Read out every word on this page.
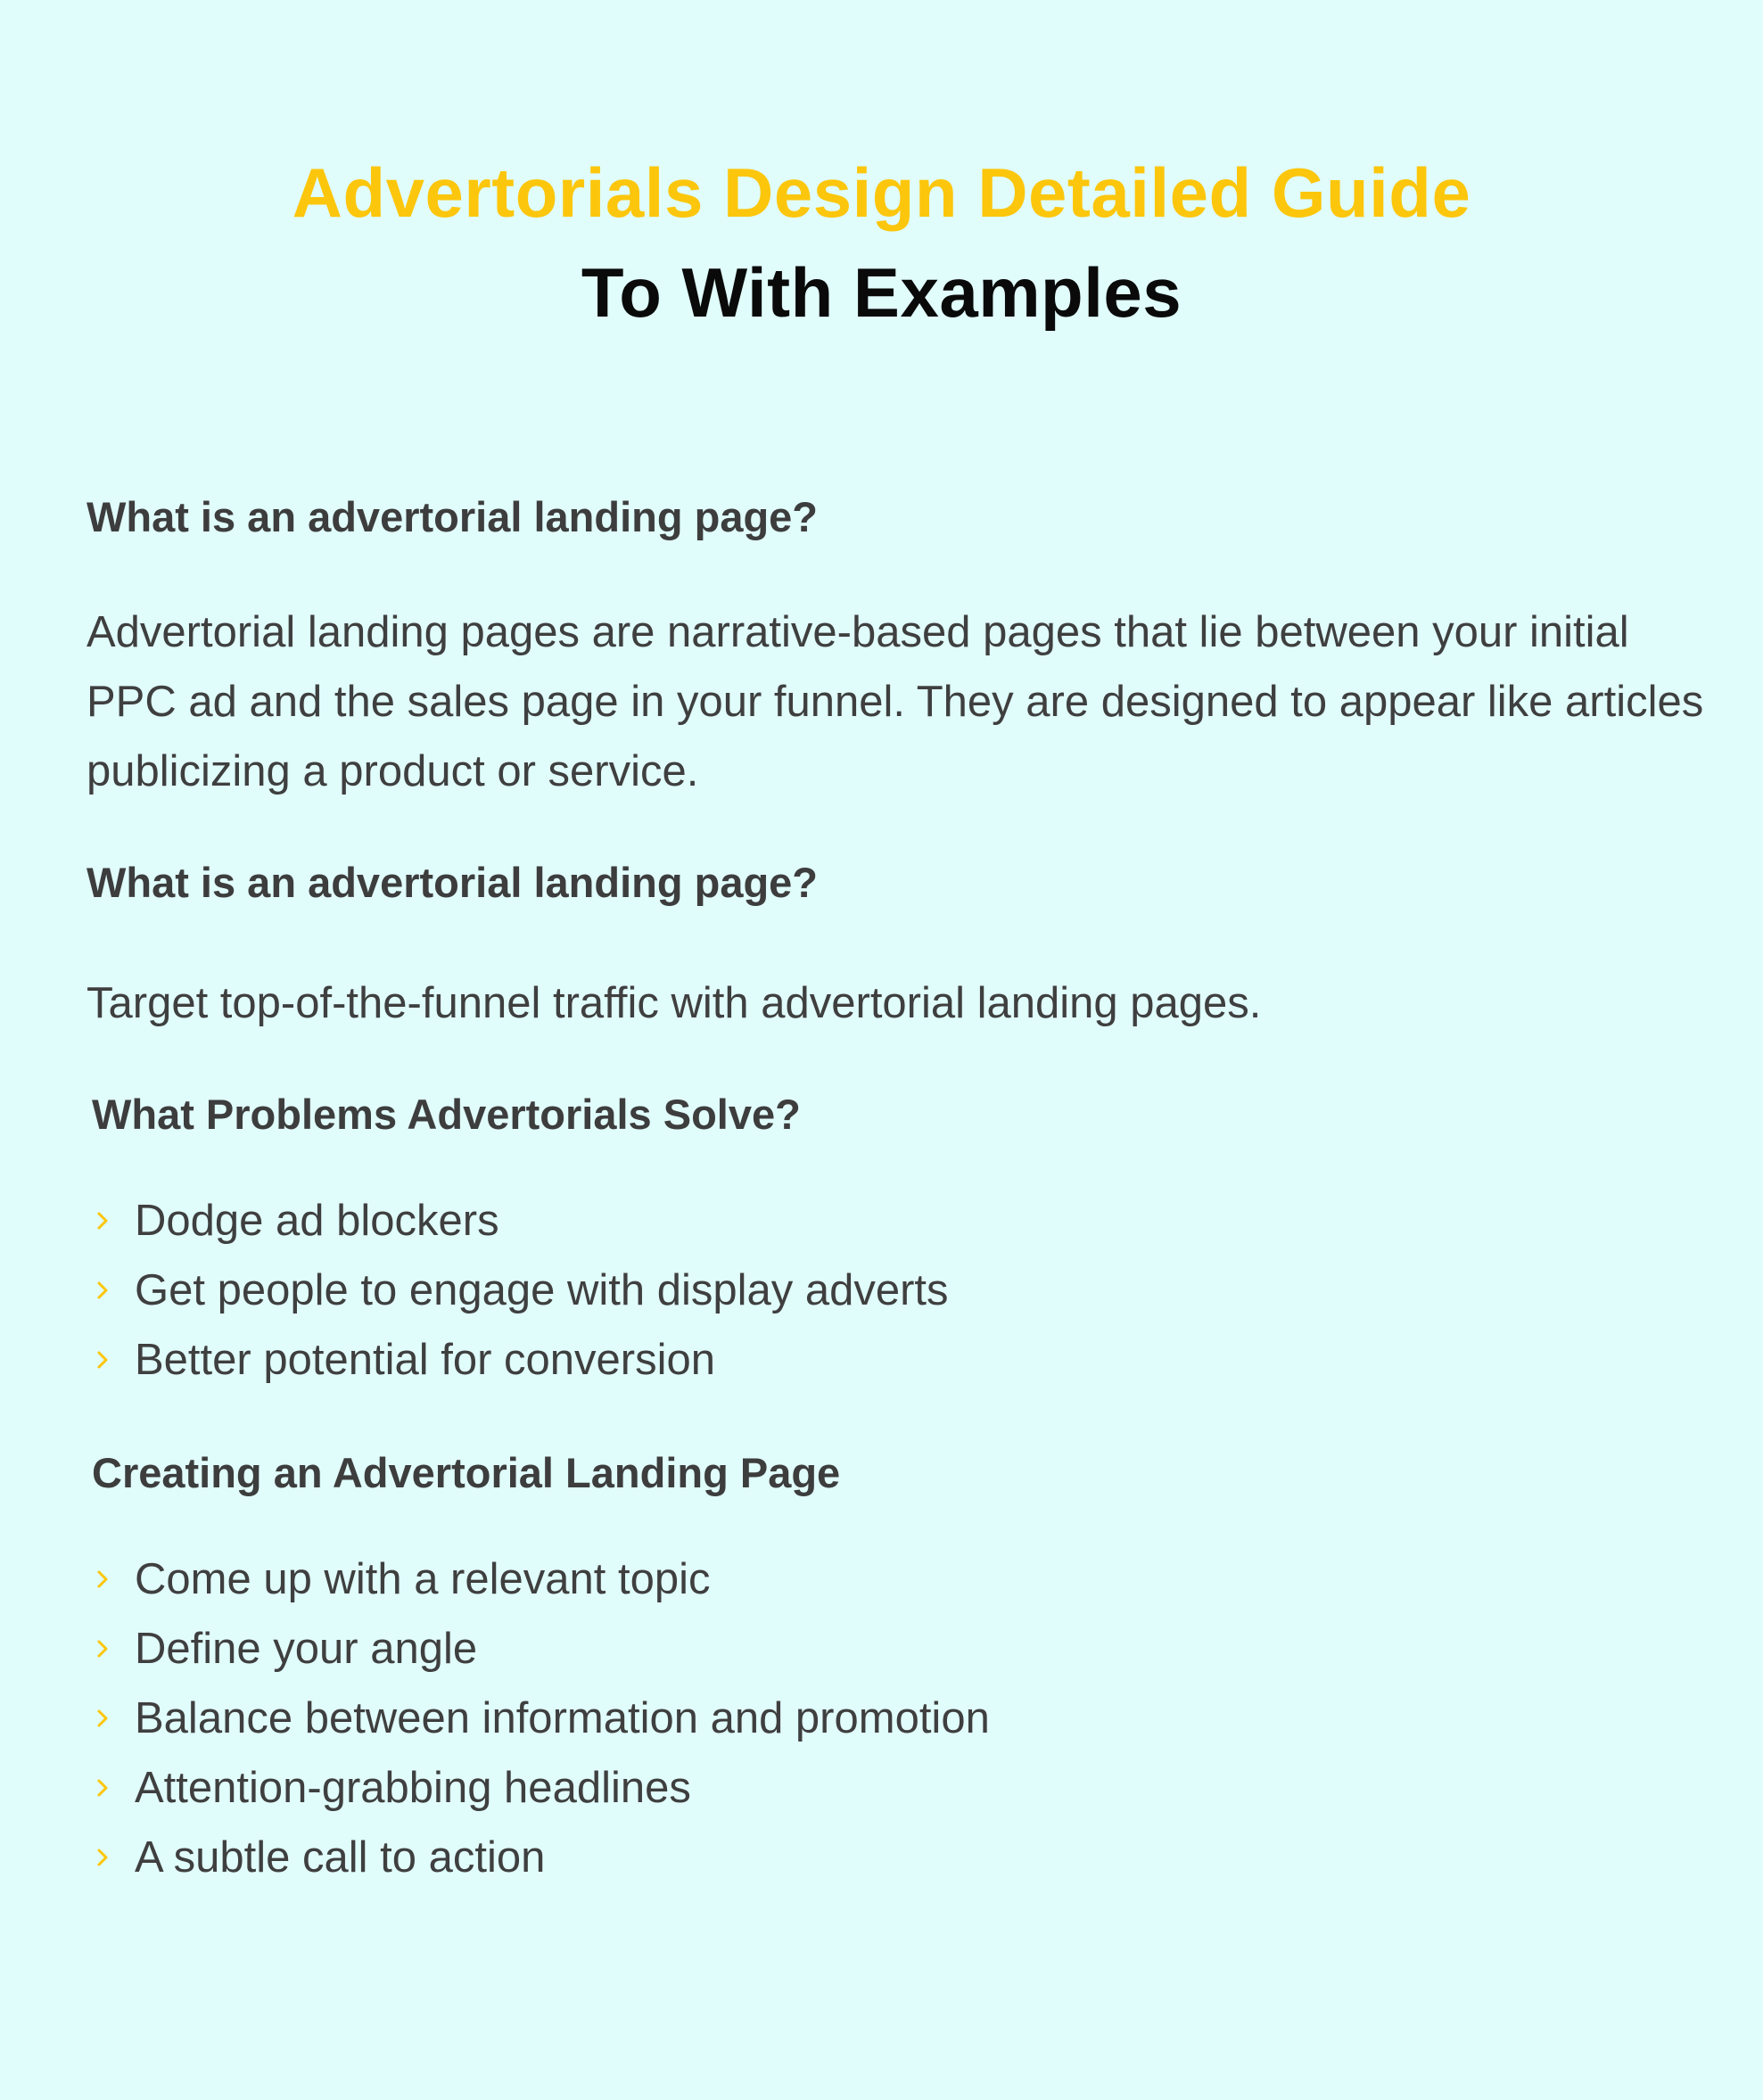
Advertorials Design Detailed Guide
To With Examples
What is an advertorial landing page?

Advertorial landing pages are narrative-based pages that lie between your initial PPC ad and the sales page in your funnel. They are designed to appear like articles publicizing a product or service.

What is an advertorial landing page?

Target top-of-the-funnel traffic with advertorial landing pages.

What Problems Advertorials Solve?
Dodge ad blockers
Get people to engage with display adverts
Better potential for conversion
Creating an Advertorial Landing Page
Come up with a relevant topic
Define your angle
Balance between information and promotion
Attention-grabbing headlines
A subtle call to action
